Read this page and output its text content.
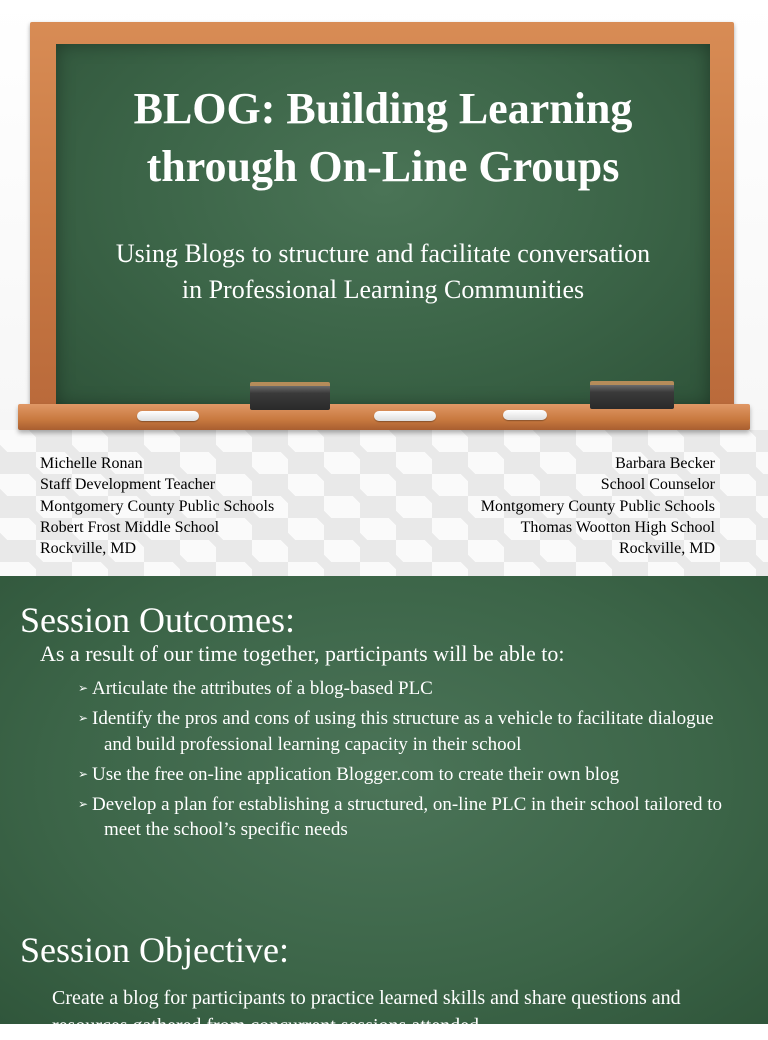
BLOG: Building Learning
through On-Line Groups

Using Blogs to structure and facilitate conversation
in Professional Learning Communities

Michelle Ronan
Staff Development Teacher
Montgomery County Public Schools
Robert Frost Middle School
Rockville, MD
Barbara Becker
School Counselor
Montgomery County Public Schools
Thomas Wootton High School
Rockville, MD
Session Outcomes:

As a result of our time together, participants will be able to:

➢ Articulate the attributes of a blog-based PLC
➢ Identify the pros and cons of using this structure as a vehicle to facilitate dialogue and build professional learning capacity in their school
➢ Use the free on-line application Blogger.com to create their own blog
➢ Develop a plan for establishing a structured, on-line PLC in their school tailored to meet the school’s specific needs
Session Objective:

Create a blog for participants to practice learned skills and share questions and resources gathered from concurrent sessions attended
